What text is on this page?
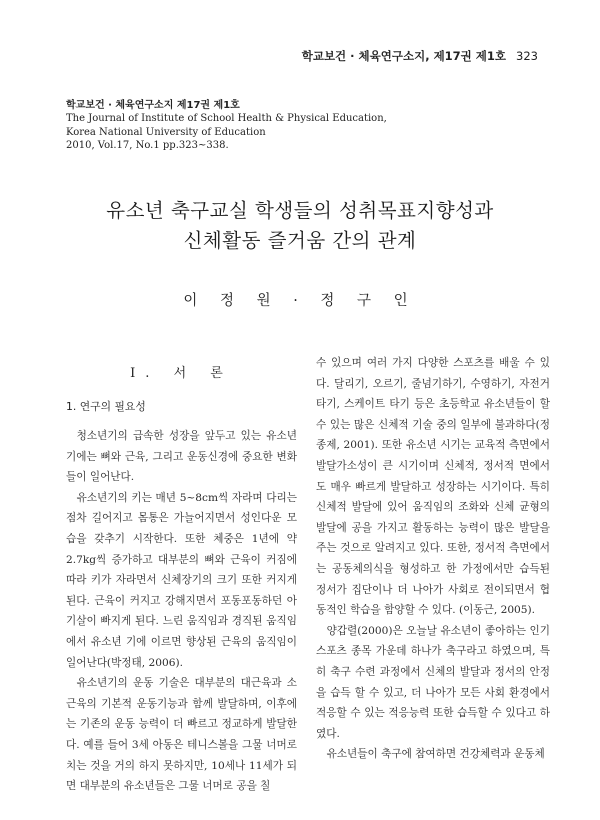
학교보건 · 체육연구소지, 제17권 제1호 323
학교보건 · 체육연구소지 제17권 제1호
The Journal of Institute of School Health & Physical Education,
Korea National University of Education
2010, Vol.17, No.1 pp.323~338.
유소년 축구교실 학생들의 성취목표지향성과
신체활동 즐거움 간의 관계
이 정 원 · 정 구 인
Ⅰ. 서 론
1. 연구의 필요성

청소년기의 급속한 성장을 앞두고 있는 유소년기에는 뼈와 근육, 그리고 운동신경에 중요한 변화들이 일어난다.

유소년기의 키는 매년 5~8cm씩 자라며 다리는 점차 길어지고 몸통은 가늘어지면서 성인다운 모습을 갖추기 시작한다. 또한 체중은 1년에 약 2.7kg씩 증가하고 대부분의 뼈와 근육이 커짐에 따라 키가 자라면서 신체장기의 크기 또한 커지게 된다. 근육이 커지고 강해지면서 포동포동하던 아기살이 빠지게 된다. 느린 움직임과 경직된 움직임에서 유소년 기에 이르면 향상된 근육의 움직임이 일어난다(박정태, 2006).

유소년기의 운동 기술은 대부분의 대근육과 소근육의 기본적 운동기능과 함께 발달하며, 이후에는 기존의 운동 능력이 더 빠르고 정교하게 발달한다. 예를 들어 3세 아동은 테니스볼을 그물 너머로 치는 것을 거의 하지 못하지만, 10세나 11세가 되면 대부분의 유소년들은 그물 너머로 공을 칠

수 있으며 여러 가지 다양한 스포츠를 배울 수 있다. 달리기, 오르기, 줄넘기하기, 수영하기, 자전거타기, 스케이트 타기 등은 초등학교 유소년들이 할 수 있는 많은 신체적 기술 중의 일부에 불과하다(정종제, 2001). 또한 유소년 시기는 교육적 측면에서 발달가소성이 큰 시기이며 신체적, 정서적 면에서도 매우 빠르게 발달하고 성장하는 시기이다. 특히 신체적 발달에 있어 움직임의 조화와 신체 균형의 발달에 공을 가지고 활동하는 능력이 많은 발달을 주는 것으로 알려지고 있다. 또한, 정서적 측면에서는 공동체의식을 형성하고 한 가정에서만 습득된 정서가 집단이나 더 나아가 사회로 전이되면서 협동적인 학습을 함양할 수 있다. (이동근, 2005).

양갑렬(2000)은 오늘날 유소년이 좋아하는 인기 스포츠 종목 가운데 하나가 축구라고 하였으며, 특히 축구 수련 과정에서 신체의 발달과 정서의 안정을 습득 할 수 있고, 더 나아가 모든 사회 환경에서 적응할 수 있는 적응능력 또한 습득할 수 있다고 하였다.

유소년들이 축구에 참여하면 건강체력과 운동체
